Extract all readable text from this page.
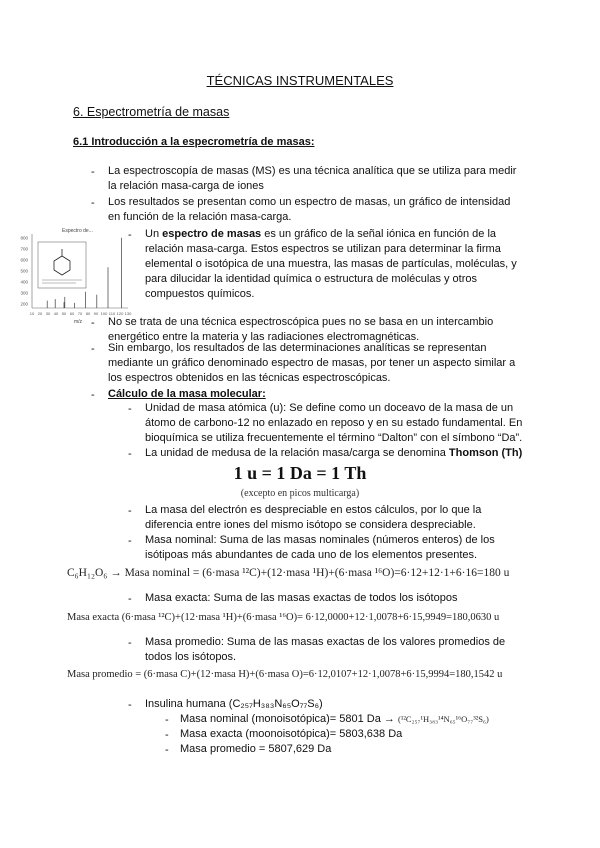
TÉCNICAS INSTRUMENTALES
6. Espectrometría de masas
6.1 Introducción a la especrometría de masas:
- La espectroscopía de masas (MS) es una técnica analítica que se utiliza para medir
la relación masa-carga de iones
- Los resultados se presentan como un espectro de masas, un gráfico de intensidad
en función de la relación masa-carga.
Espectro de...
800
700
600
500
400
300
200
10 20 30 40 50 60 70 80 90 100 110 120 130
m/z
- Un espectro de masas es un gráfico de la señal iónica en función de la
relación masa-carga. Estos espectros se utilizan para determinar la firma
elemental o isotópica de una muestra, las masas de partículas, moléculas, y
para dilucidar la identidad química o estructura de moléculas y otros
compuestos químicos.
- No se trata de una técnica espectroscópica pues no se basa en un intercambio
energético entre la materia y las radiaciones electromagnéticas.
- Sin embargo, los resultados de las determinaciones analíticas se representan
mediante un gráfico denominado espectro de masas, por tener un aspecto similar a
los espectros obtenidos en las técnicas espectroscópicas.
- Cálculo de la masa molecular:
- Unidad de masa atómica (u): Se define como un doceavo de la masa de un
átomo de carbono-12 no enlazado en reposo y en su estado fundamental. En
bioquímica se utiliza frecuentemente el término “Dalton” con el símbono “Da”.
- La unidad de medusa de la relación masa/carga se denomina Thomson (Th)
1 u = 1 Da = 1 Th
(excepto en picos multicarga)
- La masa del electrón es despreciable en estos cálculos, por lo que la
diferencia entre iones del mismo isótopo se considera despreciable.
- Masa nominal: Suma de las masas nominales (números enteros) de los
isótipoas más abundantes de cada uno de los elementos presentes.
C₆H₁₂O₆ → Masa nominal = (6·masa ¹²C)+(12·masa ¹H)+(6·masa ¹⁶O)=6·12+12·1+6·16=180 u
- Masa exacta: Suma de las masas exactas de todos los isótopos
Masa exacta (6·masa ¹²C)+(12·masa ¹H)+(6·masa ¹⁶O)= 6·12,0000+12·1,0078+6·15,9949=180,0630 u
- Masa promedio: Suma de las masas exactas de los valores promedios de
todos los isótopos.
Masa promedio = (6·masa C)+(12·masa H)+(6·masa O)=6·12,0107+12·1,0078+6·15,9994=180,1542 u
- Insulina humana (C₂₅₇H₃₈₃N₆₅O₇₇S₆)
- Masa nominal (monoisotópica)= 5801 Da → (¹²C₂₅₇¹H₃₈₃¹⁴N₆₅¹⁶O₇₇³²S₆)
- Masa exacta (moonoisotópica)= 5803,638 Da
- Masa promedio = 5807,629 Da
